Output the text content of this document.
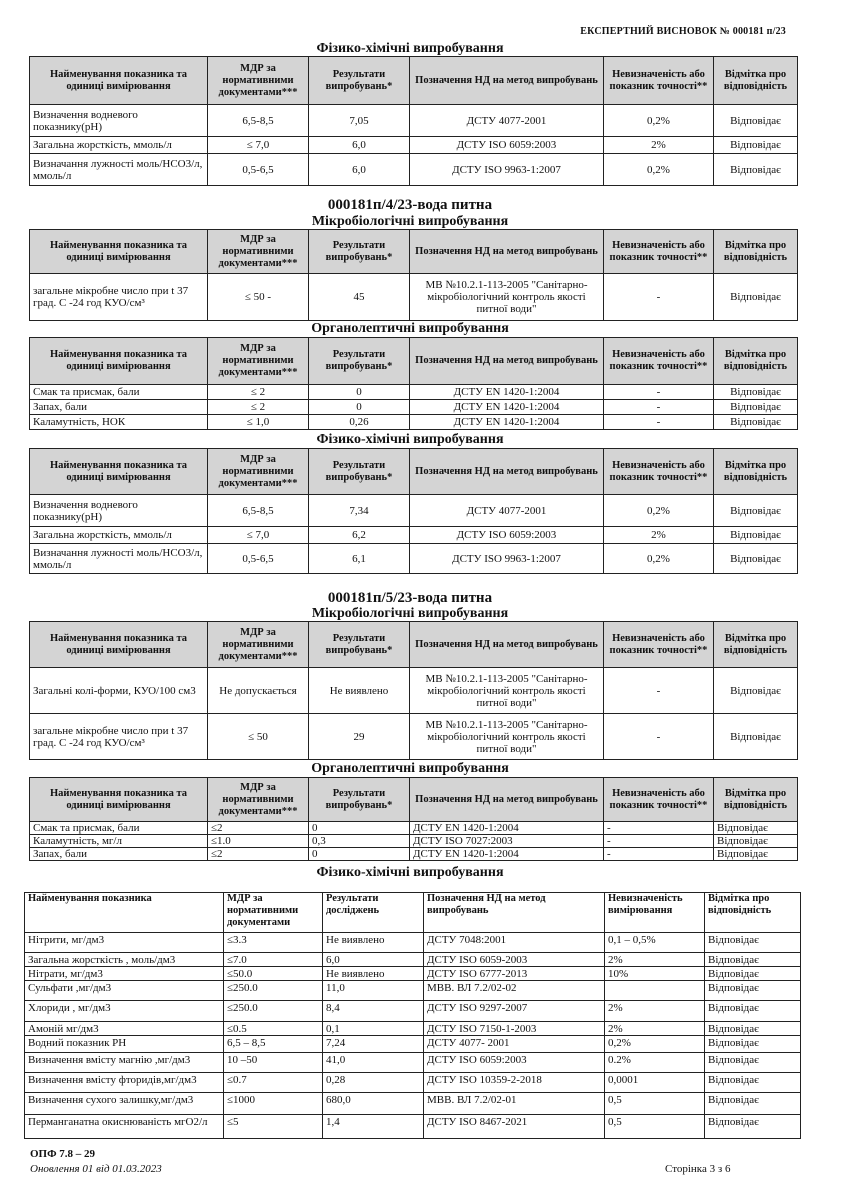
ЕКСПЕРТНИЙ ВИСНОВОК № 000181 п/23
Фізико-хімічні випробування
Найменування показника та одиниці вимірювання	МДР за нормативними документами***	Результати випробувань*	Позначення НД на метод випробувань	Невизначеність або показник точності**	Відмітка про відповідність
Визначення водневого показнику(рН)	6,5-8,5	7,05	ДСТУ 4077-2001	0,2%	Відповідає
Загальна жорсткість, ммоль/л	≤ 7,0	6,0	ДСТУ ISO 6059:2003	2%	Відповідає
Визначання лужності моль/НСО3/л, ммоль/л	0,5-6,5	6,0	ДСТУ ISO 9963-1:2007	0,2%	Відповідає
000181п/4/23-вода питна
Мікробіологічні випробування
Найменування показника та одиниці вимірювання	МДР за нормативними документами***	Результати випробувань*	Позначення НД на метод випробувань	Невизначеність або показник точності**	Відмітка про відповідність
загальне мікробне число при t 37 град. С -24 год КУО/см³	≤ 50 -	45	МВ №10.2.1-113-2005 "Санітарно-мікробіологічний контроль якості питної води"	-	Відповідає
Органолептичні випробування
Найменування показника та одиниці вимірювання	МДР за нормативними документами***	Результати випробувань*	Позначення НД на метод випробувань	Невизначеність або показник точності**	Відмітка про відповідність
Смак та присмак, бали	≤ 2	0	ДСТУ EN 1420-1:2004	-	Відповідає
Запах, бали	≤ 2	0	ДСТУ EN 1420-1:2004	-	Відповідає
Каламутність, НОК	≤ 1,0	0,26	ДСТУ EN 1420-1:2004	-	Відповідає
Фізико-хімічні випробування
Найменування показника та одиниці вимірювання	МДР за нормативними документами***	Результати випробувань*	Позначення НД на метод випробувань	Невизначеність або показник точності**	Відмітка про відповідність
Визначення водневого показнику(рН)	6,5-8,5	7,34	ДСТУ 4077-2001	0,2%	Відповідає
Загальна жорсткість, ммоль/л	≤ 7,0	6,2	ДСТУ ISO 6059:2003	2%	Відповідає
Визначання лужності моль/НСО3/л, ммоль/л	0,5-6,5	6,1	ДСТУ ISO 9963-1:2007	0,2%	Відповідає
000181п/5/23-вода питна
Мікробіологічні випробування
Найменування показника та одиниці вимірювання	МДР за нормативними документами***	Результати випробувань*	Позначення НД на метод випробувань	Невизначеність або показник точності**	Відмітка про відповідність
Загальні колі-форми, КУО/100 см3	Не допускається	Не виявлено	МВ №10.2.1-113-2005 "Санітарно-мікробіологічний контроль якості питної води"	-	Відповідає
загальне мікробне число при t 37 град. С -24 год КУО/см³	≤ 50	29	МВ №10.2.1-113-2005 "Санітарно-мікробіологічний контроль якості питної води"	-	Відповідає
Органолептичні випробування
Найменування показника та одиниці вимірювання	МДР за нормативними документами***	Результати випробувань*	Позначення НД на метод випробувань	Невизначеність або показник точності**	Відмітка про відповідність
Смак та присмак, бали	≤2	0	ДСТУ EN 1420-1:2004	-	Відповідає
Каламутність, мг/л	≤1.0	0,3	ДСТУ ISO 7027:2003	-	Відповідає
Запах, бали	≤2	0	ДСТУ EN 1420-1:2004	-	Відповідає
Фізико-хімічні випробування
Найменування показника	МДР за нормативними документами	Результати досліджень	Позначення НД на метод випробувань	Невизначеність вимірювання	Відмітка про відповідність
Нітрити, мг/дм3	≤3.3	Не виявлено	ДСТУ 7048:2001	0,1 – 0,5%	Відповідає
Загальна жорсткість , моль/дм3	≤7.0	6,0	ДСТУ ISO 6059-2003	2%	Відповідає
Нітрати, мг/дм3	≤50.0	Не виявлено	ДСТУ ISO 6777-2013	10%	Відповідає
Сульфати ,мг/дм3	≤250.0	11,0	МВВ. ВЛ 7.2/02-02		Відповідає
Хлориди , мг/дм3	≤250.0	8,4	ДСТУ ISO 9297-2007	2%	Відповідає
Амоній мг/дм3	≤0.5	0,1	ДСТУ ISO 7150-1-2003	2%	Відповідає
Водний показник РН	6,5 – 8,5	7,24	ДСТУ 4077- 2001	0,2%	Відповідає
Визначення вмісту магнію ,мг/дм3	10 –50	41,0	ДСТУ ISO 6059:2003	0.2%	Відповідає
Визначення вмісту фторидів,мг/дм3	≤0.7	0,28	ДСТУ ISO 10359-2-2018	0,0001	Відповідає
Визначення сухого залишку,мг/дм3	≤1000	680,0	МВВ. ВЛ 7.2/02-01	0,5	Відповідає
Перманганатна окиснюваність мгО2/л	≤5	1,4	ДСТУ ISO 8467-2021	0,5	Відповідає
ОПФ 7.8 – 29
Оновлення 01 від 01.03.2023	Сторінка 3 з 6
